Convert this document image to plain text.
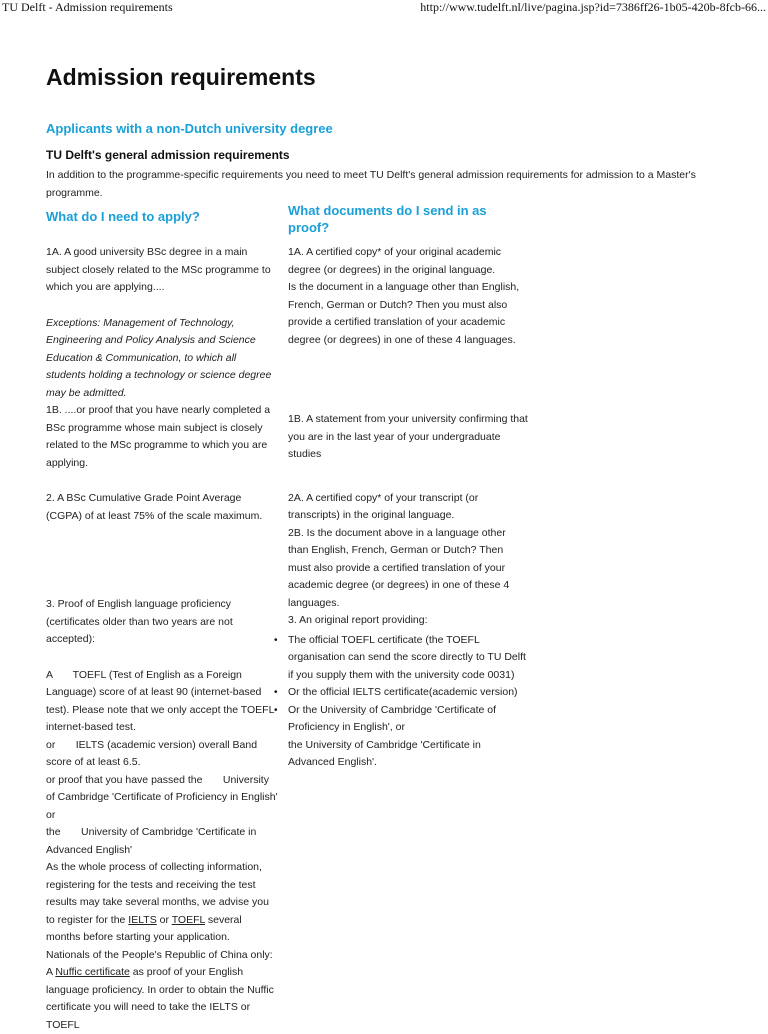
TU Delft - Admission requirements	http://www.tudelft.nl/live/pagina.jsp?id=7386ff26-1b05-420b-8fcb-66...
Admission requirements
Applicants with a non-Dutch university degree
TU Delft's general admission requirements

In addition to the programme-specific requirements you need to meet TU Delft's general admission requirements for admission to a Master's programme.

What do I need to apply?	What documents do I send in as proof?

1A. A good university BSc degree in a main subject closely related to the MSc programme to which you are applying....

Exceptions: Management of Technology, Engineering and Policy Analysis and Science Education & Communication, to which all students holding a technology or science degree may be admitted.

1B. ....or proof that you have nearly completed a BSc programme whose main subject is closely related to the MSc programme to which you are applying.

2. A BSc Cumulative Grade Point Average (CGPA) of at least 75% of the scale maximum.

3. Proof of English language proficiency (certificates older than two years are not accepted):

A       TOEFL (Test of English as a Foreign Language) score of at least 90 (internet-based test). Please note that we only accept the TOEFL internet-based test.

or       IELTS (academic version) overall Band score of at least 6.5.

or proof that you have passed the       University of Cambridge 'Certificate of Proficiency in English' or

the       University of Cambridge 'Certificate in Advanced English'

As the whole process of collecting information, registering for the tests and receiving the test results may take several months, we advise you to register for the IELTS or TOEFL several months before starting your application.

Nationals of the People's Republic of China only: A Nuffic certificate as proof of your English language proficiency. In order to obtain the Nuffic certificate you will need to take the IELTS or TOEFL

1A. A certified copy* of your original academic degree (or degrees) in the original language.

Is the document in a language other than English, French, German or Dutch? Then you must also provide a certified translation of your academic degree (or degrees) in one of these 4 languages.

1B. A statement from your university confirming that you are in the last year of your undergraduate studies

2A. A certified copy* of your transcript (or transcripts) in the original language.

2B. Is the document above in a language other than English, French, German or Dutch? Then must also provide a certified translation of your academic degree (or degrees) in one of these 4 languages.

3. An original report providing:

• The official TOEFL certificate (the TOEFL organisation can send the score directly to TU Delft if you supply them with the university code 0031)
• Or the official IELTS certificate(academic version)
• Or the University of Cambridge 'Certificate of Proficiency in English', or

the University of Cambridge 'Certificate in Advanced English'.
